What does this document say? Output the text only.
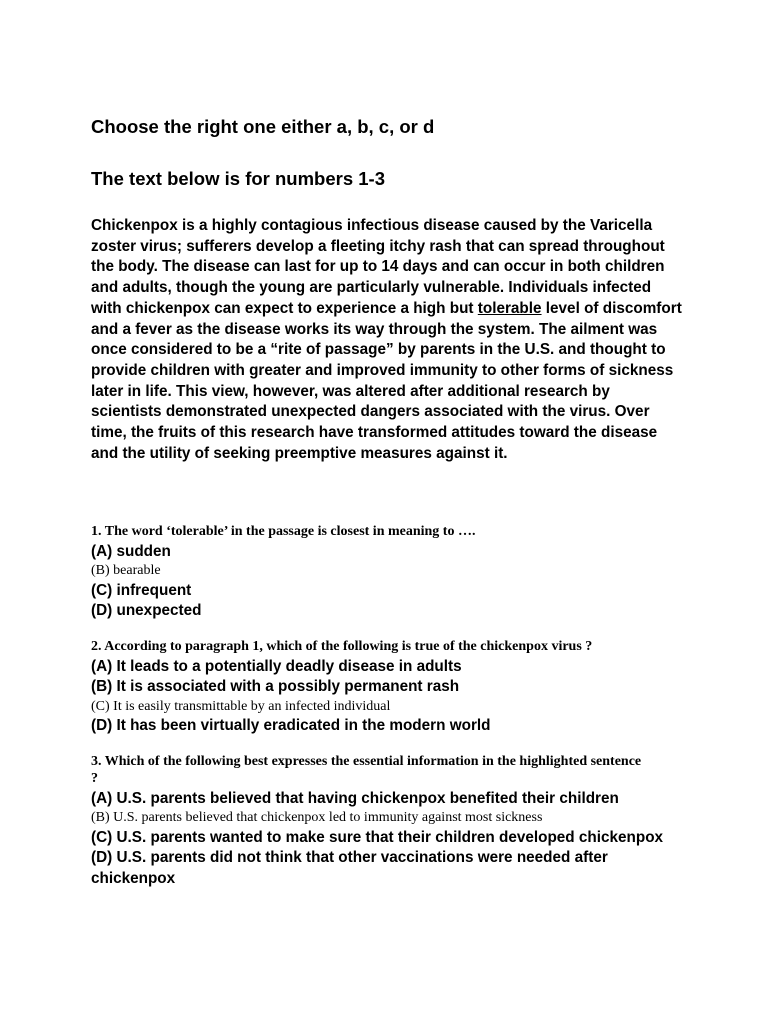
Choose the right one either a, b, c, or d
The text below is for numbers 1-3

Chickenpox is a highly contagious infectious disease caused by the Varicella zoster virus; sufferers develop a fleeting itchy rash that can spread throughout the body. The disease can last for up to 14 days and can occur in both children and adults, though the young are particularly vulnerable. Individuals infected with chickenpox can expect to experience a high but tolerable level of discomfort and a fever as the disease works its way through the system. The ailment was once considered to be a “rite of passage” by parents in the U.S. and thought to provide children with greater and improved immunity to other forms of sickness later in life. This view, however, was altered after additional research by scientists demonstrated unexpected dangers associated with the virus. Over time, the fruits of this research have transformed attitudes toward the disease and the utility of seeking preemptive measures against it.

1. The word ‘tolerable’ in the passage is closest in meaning to ….

(A) sudden

(B) bearable

(C) infrequent

(D) unexpected

2. According to paragraph 1, which of the following is true of the chickenpox virus ?

(A) It leads to a potentially deadly disease in adults

(B) It is associated with a possibly permanent rash

(C) It is easily transmittable by an infected individual

(D) It has been virtually eradicated in the modern world

3. Which of the following best expresses the essential information in the highlighted sentence ?

(A) U.S. parents believed that having chickenpox benefited their children

(B) U.S. parents believed that chickenpox led to immunity against most sickness

(C) U.S. parents wanted to make sure that their children developed chickenpox

(D) U.S. parents did not think that other vaccinations were needed after chickenpox
